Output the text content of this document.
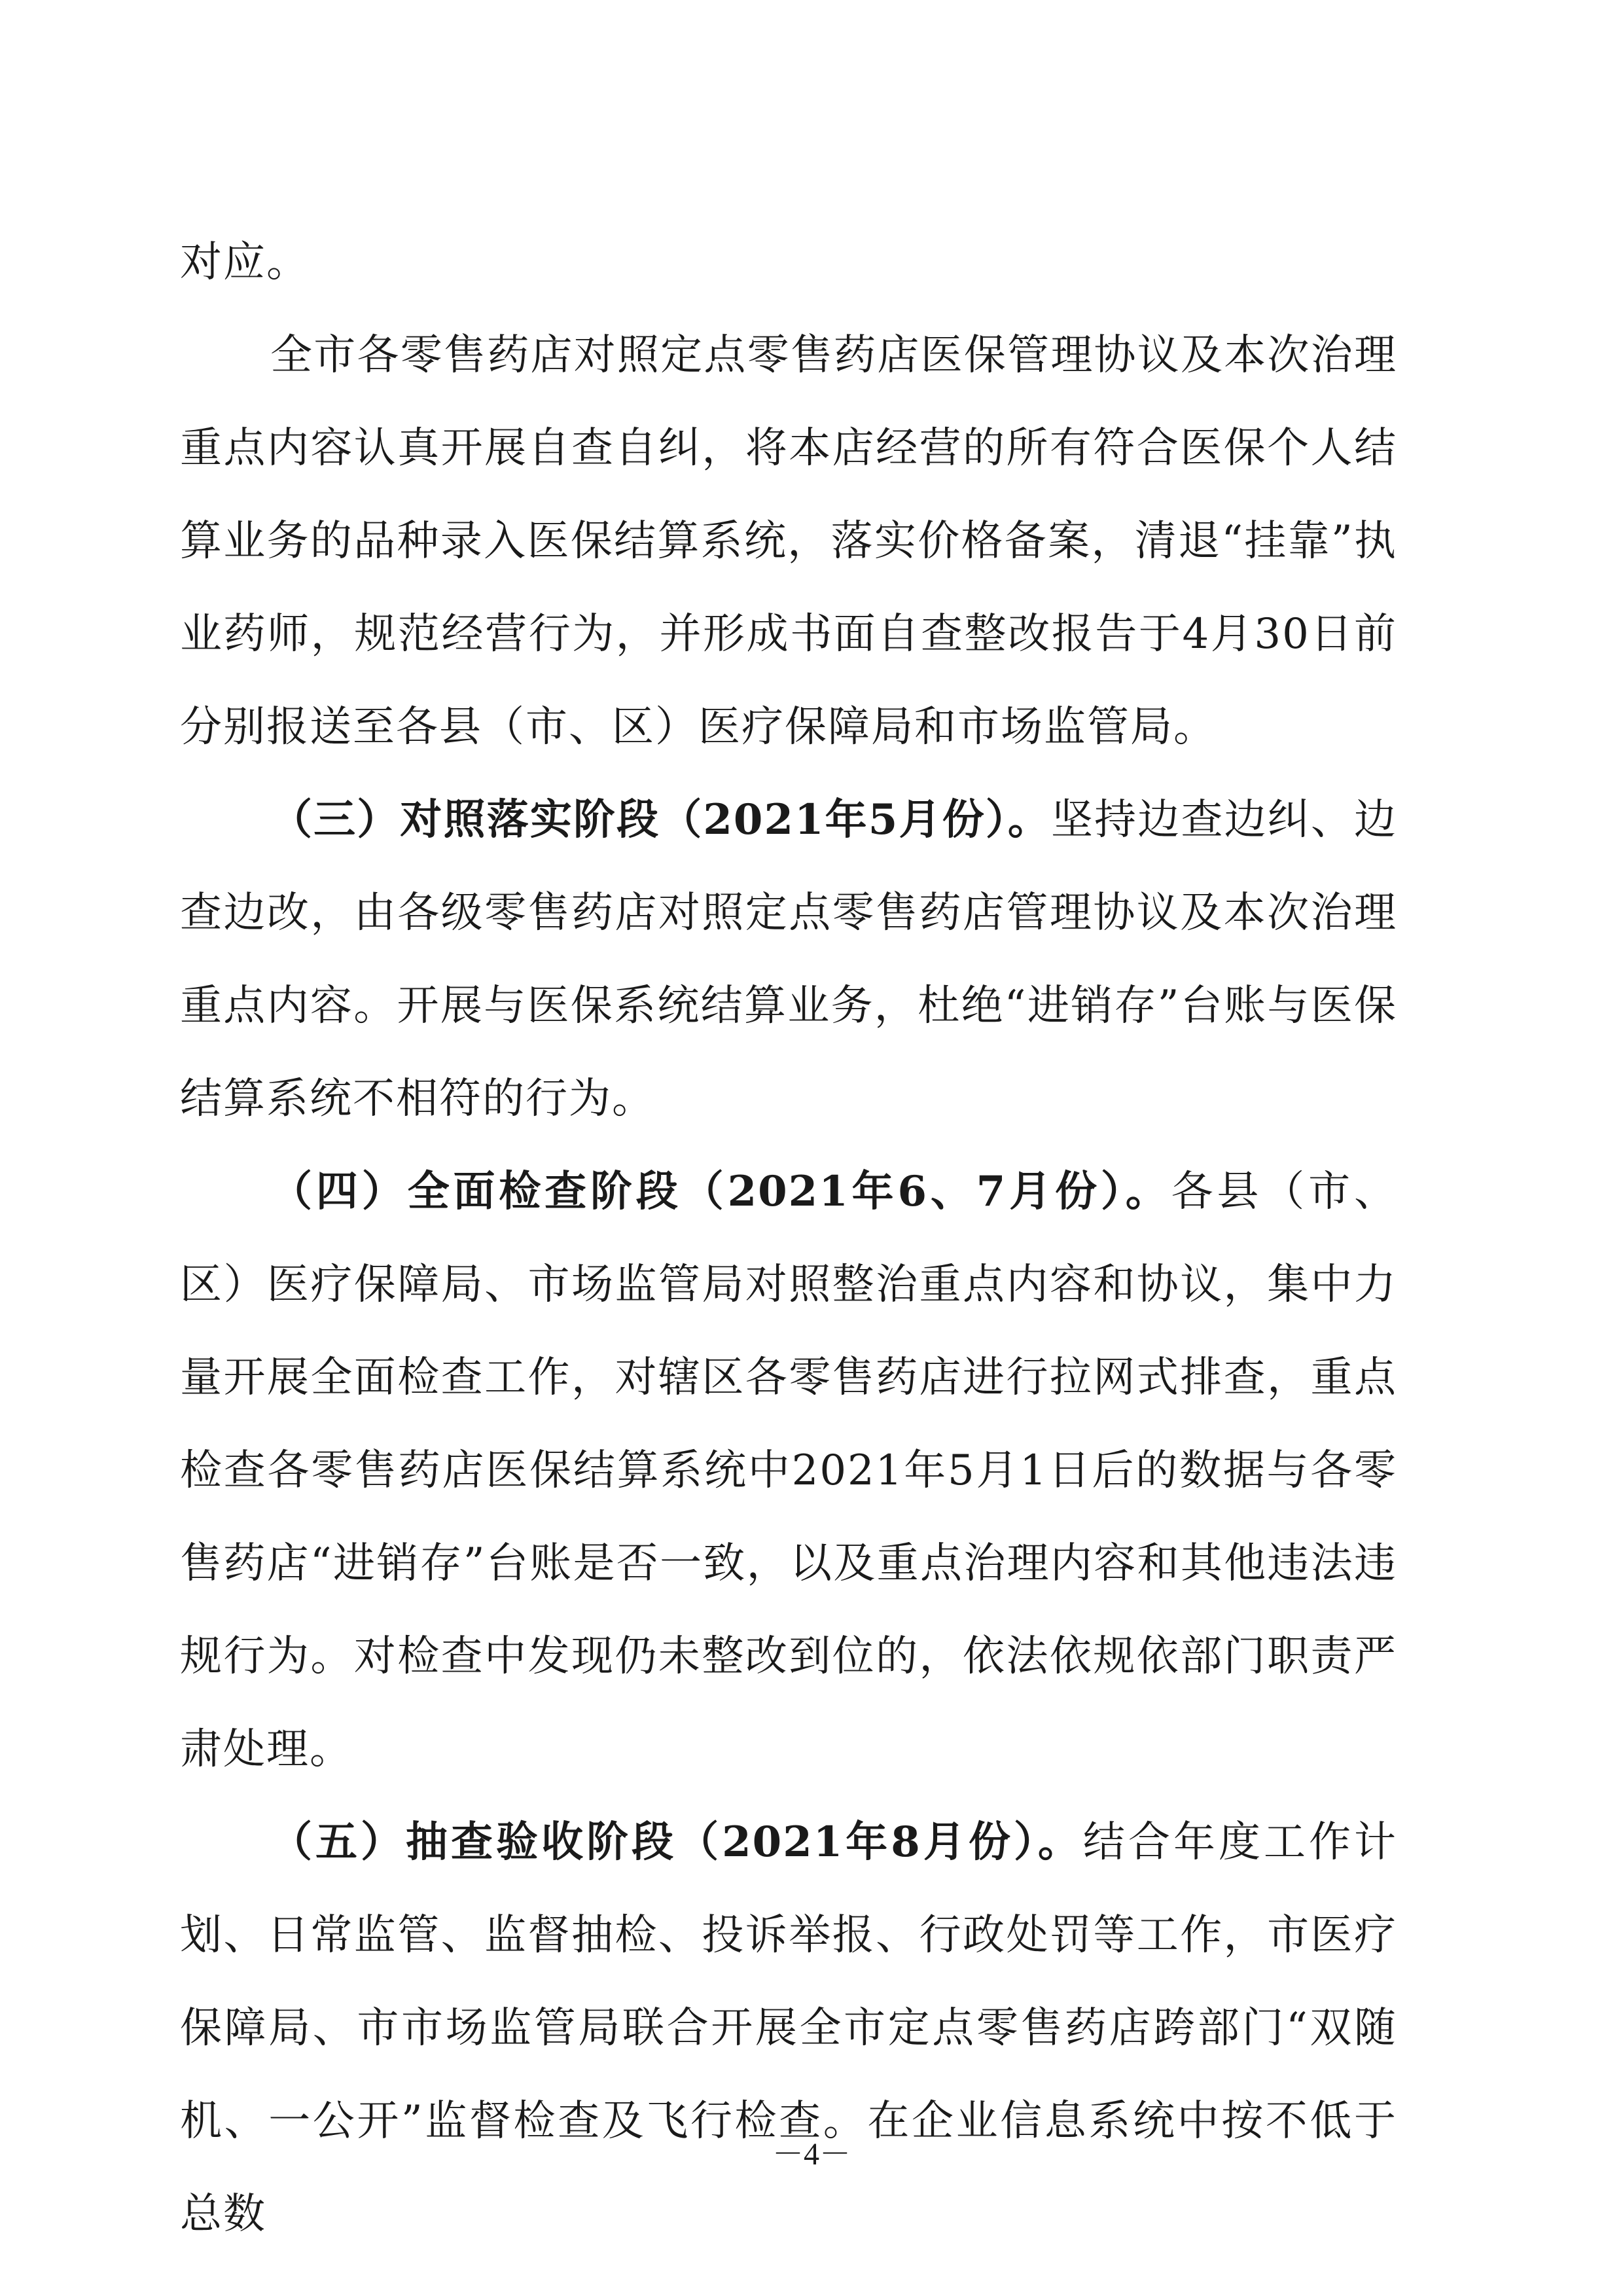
对应。

全市各零售药店对照定点零售药店医保管理协议及本次治理重点内容认真开展自查自纠，将本店经营的所有符合医保个人结算业务的品种录入医保结算系统，落实价格备案，清退“挂靠”执业药师，规范经营行为，并形成书面自查整改报告于4月30日前分别报送至各县（市、区）医疗保障局和市场监管局。

（三）对照落实阶段（2021年5月份）。坚持边查边纠、边查边改，由各级零售药店对照定点零售药店管理协议及本次治理重点内容。开展与医保系统结算业务，杜绝“进销存”台账与医保结算系统不相符的行为。

（四）全面检查阶段（2021年6、7月份）。各县（市、区）医疗保障局、市场监管局对照整治重点内容和协议，集中力量开展全面检查工作，对辖区各零售药店进行拉网式排查，重点检查各零售药店医保结算系统中2021年5月1日后的数据与各零售药店“进销存”台账是否一致，以及重点治理内容和其他违法违规行为。对检查中发现仍未整改到位的，依法依规依部门职责严肃处理。

（五）抽查验收阶段（2021年8月份）。结合年度工作计划、日常监管、监督抽检、投诉举报、行政处罚等工作，市医疗保障局、市市场监管局联合开展全市定点零售药店跨部门“双随机、一公开”监督检查及飞行检查。在企业信息系统中按不低于总数

－4－
